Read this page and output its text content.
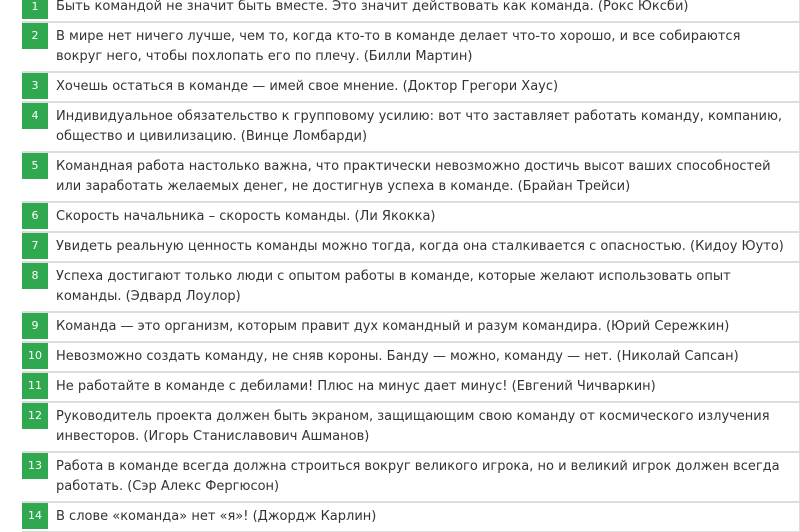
1	Быть командой не значит быть вместе. Это значит действовать как команда. (Рокс Юксби)
2	В мире нет ничего лучше, чем то, когда кто-то в команде делает что-то хорошо, и все собираются вокруг него, чтобы похлопать его по плечу. (Билли Мартин)
3	Хочешь остаться в команде — имей свое мнение. (Доктор Грегори Хаус)
4	Индивидуальное обязательство к групповому усилию: вот что заставляет работать команду, компанию, общество и цивилизацию. (Винце Ломбарди)
5	Командная работа настолько важна, что практически невозможно достичь высот ваших способностей или заработать желаемых денег, не достигнув успеха в команде. (Брайан Трейси)
6	Скорость начальника – скорость команды. (Ли Якокка)
7	Увидеть реальную ценность команды можно тогда, когда она сталкивается с опасностью. (Кидоу Юуто)
8	Успеха достигают только люди с опытом работы в команде, которые желают использовать опыт команды. (Эдвард Лоулор)
9	Команда — это организм, которым правит дух командный и разум командира. (Юрий Сережкин)
10	Невозможно создать команду, не сняв короны. Банду — можно, команду — нет. (Николай Сапсан)
11	Не работайте в команде с дебилами! Плюс на минус дает минус! (Евгений Чичваркин)
12	Руководитель проекта должен быть экраном, защищающим свою команду от космического излучения инвесторов. (Игорь Станиславович Ашманов)
13	Работа в команде всегда должна строиться вокруг великого игрока, но и великий игрок должен всегда работать. (Сэр Алекс Фергюсон)
14	В слове «команда» нет «я»! (Джордж Карлин)
